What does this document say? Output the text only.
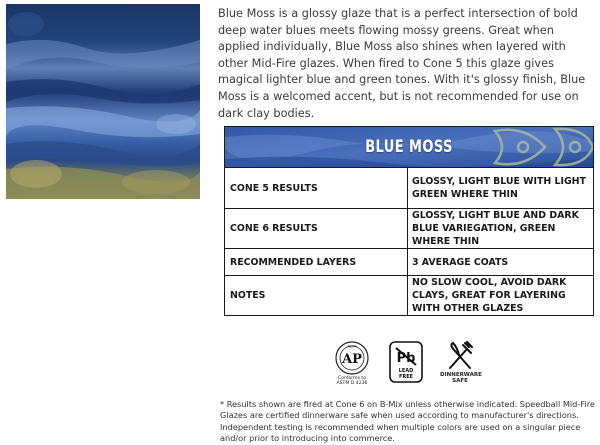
Blue Moss is a glossy glaze that is a perfect intersection of bold deep water blues meets flowing mossy greens. Great when applied individually, Blue Moss also shines when layered with other Mid-Fire glazes. When fired to Cone 5 this glaze gives magical lighter blue and green tones. With it's glossy finish, Blue Moss is a welcomed accent, but is not recommended for use on dark clay bodies.

BLUE MOSS
CONE 5 RESULTS
GLOSSY, LIGHT BLUE WITH LIGHT GREEN WHERE THIN
CONE 6 RESULTS
GLOSSY, LIGHT BLUE AND DARK BLUE VARIEGATION, GREEN WHERE THIN
RECOMMENDED LAYERS	3 AVERAGE COATS
NOTES
NO SLOW COOL, AVOID DARK CLAYS, GREAT FOR LAYERING WITH OTHER GLAZES
AP
ACMI
Conforms to
ASTM D 4236
Pb
LEAD
FREE	DINNERWARE
SAFE

* Results shown are fired at Cone 6 on B-Mix unless otherwise indicated. Speedball Mid-Fire Glazes are certified dinnerware safe when used according to manufacturer's directions. Independent testing is recommended when multiple colors are used on a singular piece and/or prior to introducing into commerce.
